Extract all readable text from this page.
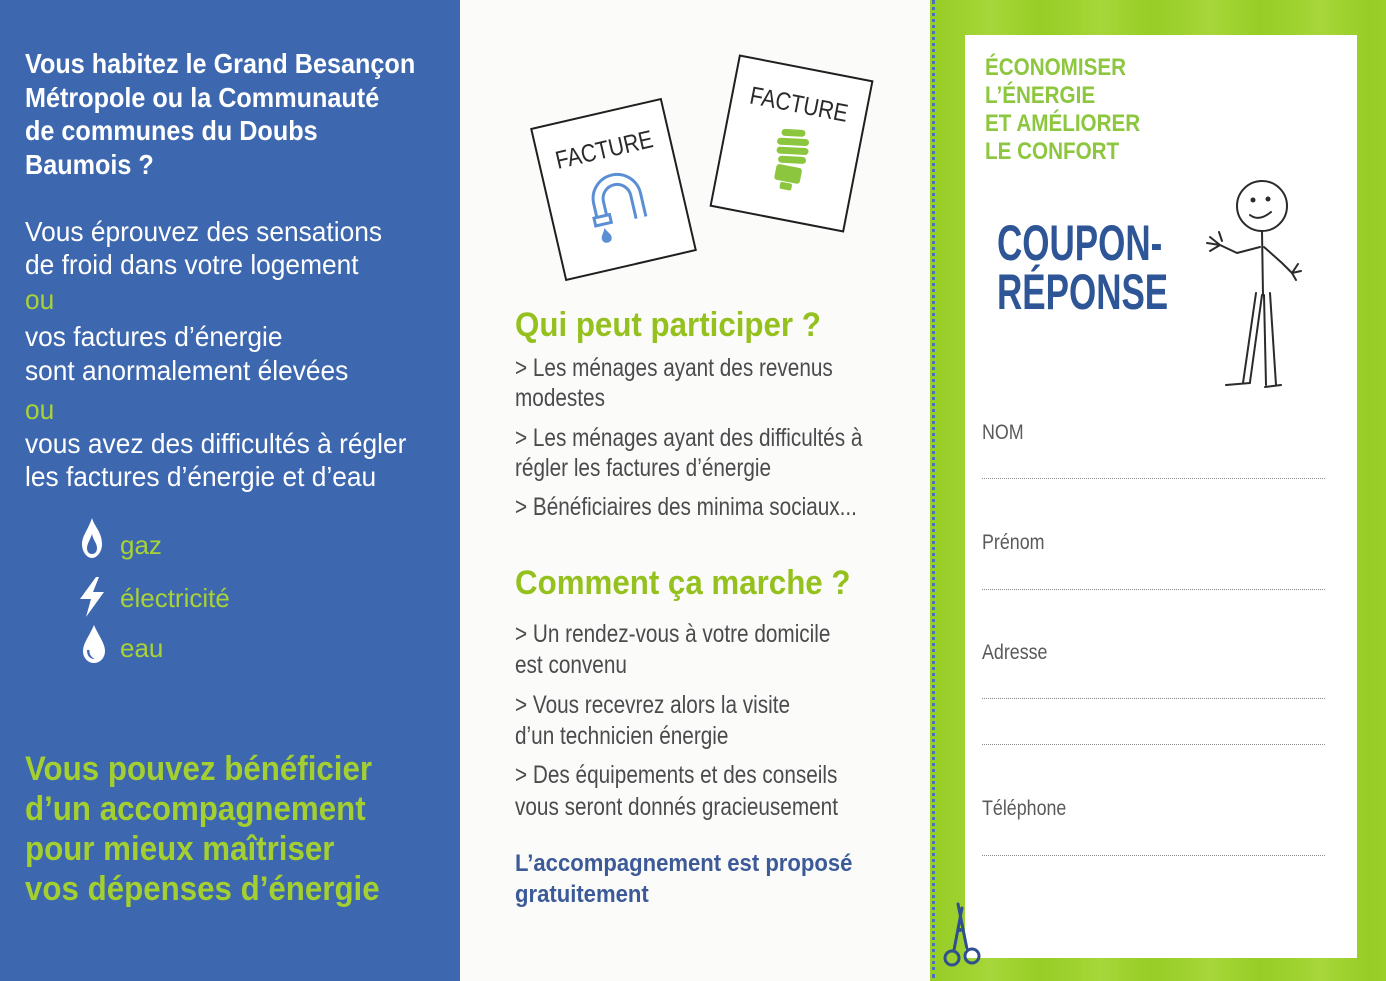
Vous habitez le Grand Besançon
Métropole ou la Communauté
de communes du Doubs
Baumois ?
Vous éprouvez des sensations
de froid dans votre logement
ou
vos factures d’énergie
sont anormalement élevées
ou
vous avez des difficultés à régler
les factures d’énergie et d’eau
gaz
électricité
eau
Vous pouvez bénéficier
d’un accompagnement
pour mieux maîtriser
vos dépenses d’énergie
FACTURE
FACTURE
Qui peut participer ?
> Les ménages ayant des revenus
modestes
> Les ménages ayant des difficultés à
régler les factures d’énergie
> Bénéficiaires des minima sociaux...
Comment ça marche ?
> Un rendez-vous à votre domicile
est convenu
> Vous recevrez alors la visite
d’un technicien énergie
> Des équipements et des conseils
vous seront donnés gracieusement
L’accompagnement est proposé
gratuitement
ÉCONOMISER
L’ÉNERGIE
ET AMÉLIORER
LE CONFORT
COUPON-
RÉPONSE
NOM
Prénom
Adresse
Téléphone
